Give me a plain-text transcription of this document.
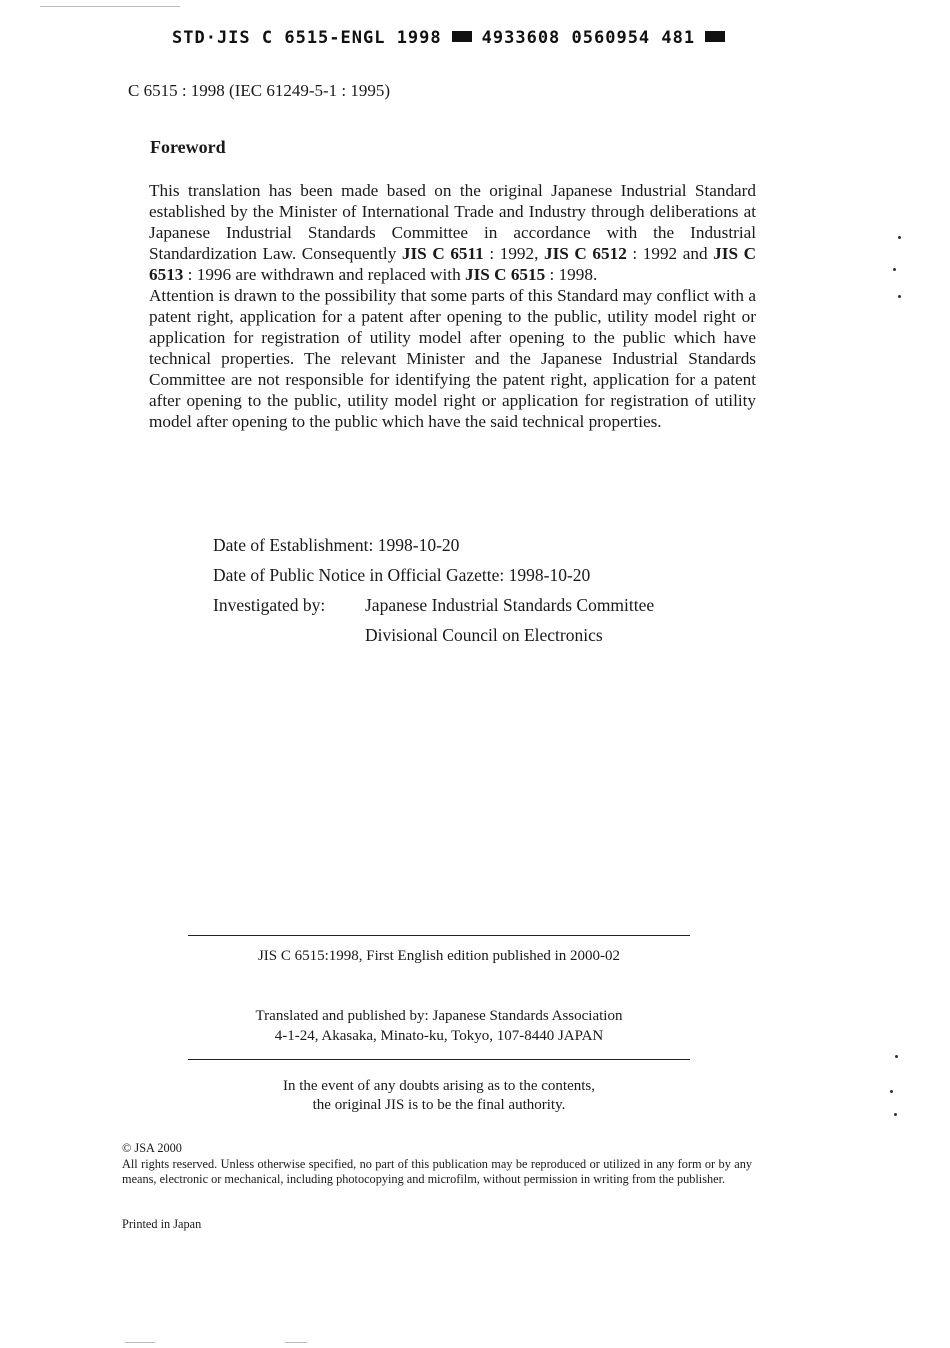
STD·JIS C 6515-ENGL 1998 4933608 0560954 481
C 6515 : 1998 (IEC 61249-5-1 : 1995)
Foreword

This translation has been made based on the original Japanese Industrial Standard established by the Minister of International Trade and Industry through deliberations at Japanese Industrial Standards Committee in accordance with the Industrial Standardization Law. Consequently JIS C 6511 : 1992, JIS C 6512 : 1992 and JIS C 6513 : 1996 are withdrawn and replaced with JIS C 6515 : 1998.

Attention is drawn to the possibility that some parts of this Standard may conflict with a patent right, application for a patent after opening to the public, utility model right or application for registration of utility model after opening to the public which have technical properties. The relevant Minister and the Japanese Industrial Standards Committee are not responsible for identifying the patent right, application for a patent after opening to the public, utility model right or application for registration of utility model after opening to the public which have the said technical properties.

Date of Establishment: 1998-10-20
Date of Public Notice in Official Gazette: 1998-10-20
Investigated by: Japanese Industrial Standards Committee
Divisional Council on Electronics
JIS C 6515:1998, First English edition published in 2000-02
Translated and published by: Japanese Standards Association
4-1-24, Akasaka, Minato-ku, Tokyo, 107-8440 JAPAN
In the event of any doubts arising as to the contents,
the original JIS is to be the final authority.
© JSA 2000
All rights reserved. Unless otherwise specified, no part of this publication may be reproduced or utilized in any form or by any means, electronic or mechanical, including photocopying and microfilm, without permission in writing from the publisher.
Printed in Japan
